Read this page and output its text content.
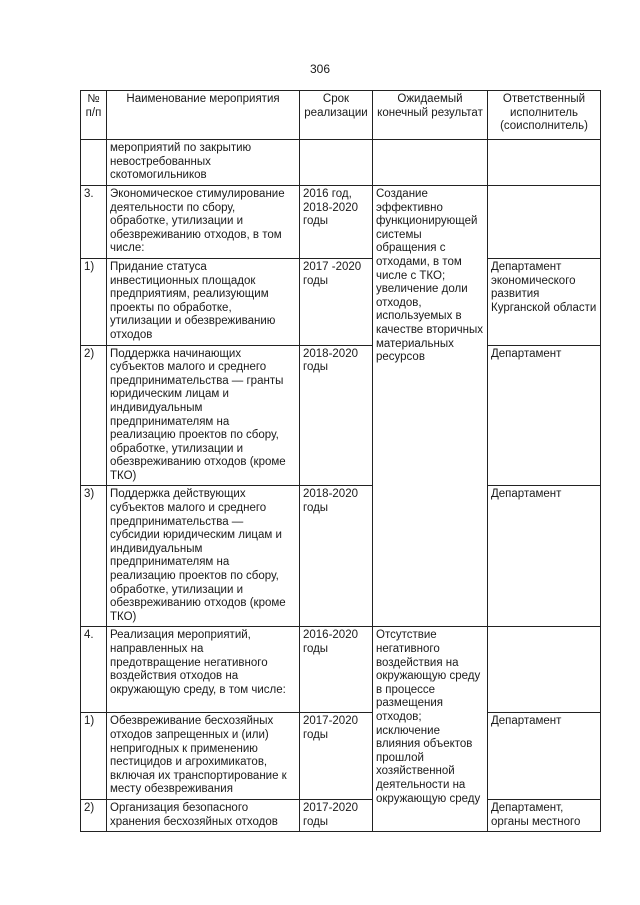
306
№ п/п	Наименование мероприятия	Срок реализации	Ожидаемый конечный результат	Ответственный исполнитель (соисполнитель)
	мероприятий по закрытию невостребованных скотомогильников			
3.	Экономическое стимулирование деятельности по сбору, обработке, утилизации и обезвреживанию отходов, в том числе:	2016 год, 2018-2020 годы	Создание эффективно функционирующей системы обращения с отходами, в том числе с ТКО; увеличение доли отходов, используемых в качестве вторичных материальных ресурсов	
1)	Придание статуса инвестиционных площадок предприятиям, реализующим проекты по обработке, утилизации и обезвреживанию отходов	2017 -2020 годы		Департамент экономического развития Курганской области
2)	Поддержка начинающих субъектов малого и среднего предпринимательства — гранты юридическим лицам и индивидуальным предпринимателям на реализацию проектов по сбору, обработке, утилизации и обезвреживанию отходов (кроме ТКО)	2018-2020 годы		Департамент
3)	Поддержка действующих субъектов малого и среднего предпринимательства — субсидии юридическим лицам и индивидуальным предпринимателям на реализацию проектов по сбору, обработке, утилизации и обезвреживанию отходов (кроме ТКО)	2018-2020 годы		Департамент
4.	Реализация мероприятий, направленных на предотвращение негативного воздействия отходов на окружающую среду, в том числе:	2016-2020 годы	Отсутствие негативного воздействия на окружающую среду в процессе размещения отходов; исключение влияния объектов прошлой хозяйственной деятельности на окружающую среду	
1)	Обезвреживание бесхозяйных отходов запрещенных и (или) непригодных к применению пестицидов и агрохимикатов, включая их транспортирование к месту обезвреживания	2017-2020 годы		Департамент
2)	Организация безопасного хранения бесхозяйных отходов	2017-2020 годы		Департамент, органы местного
